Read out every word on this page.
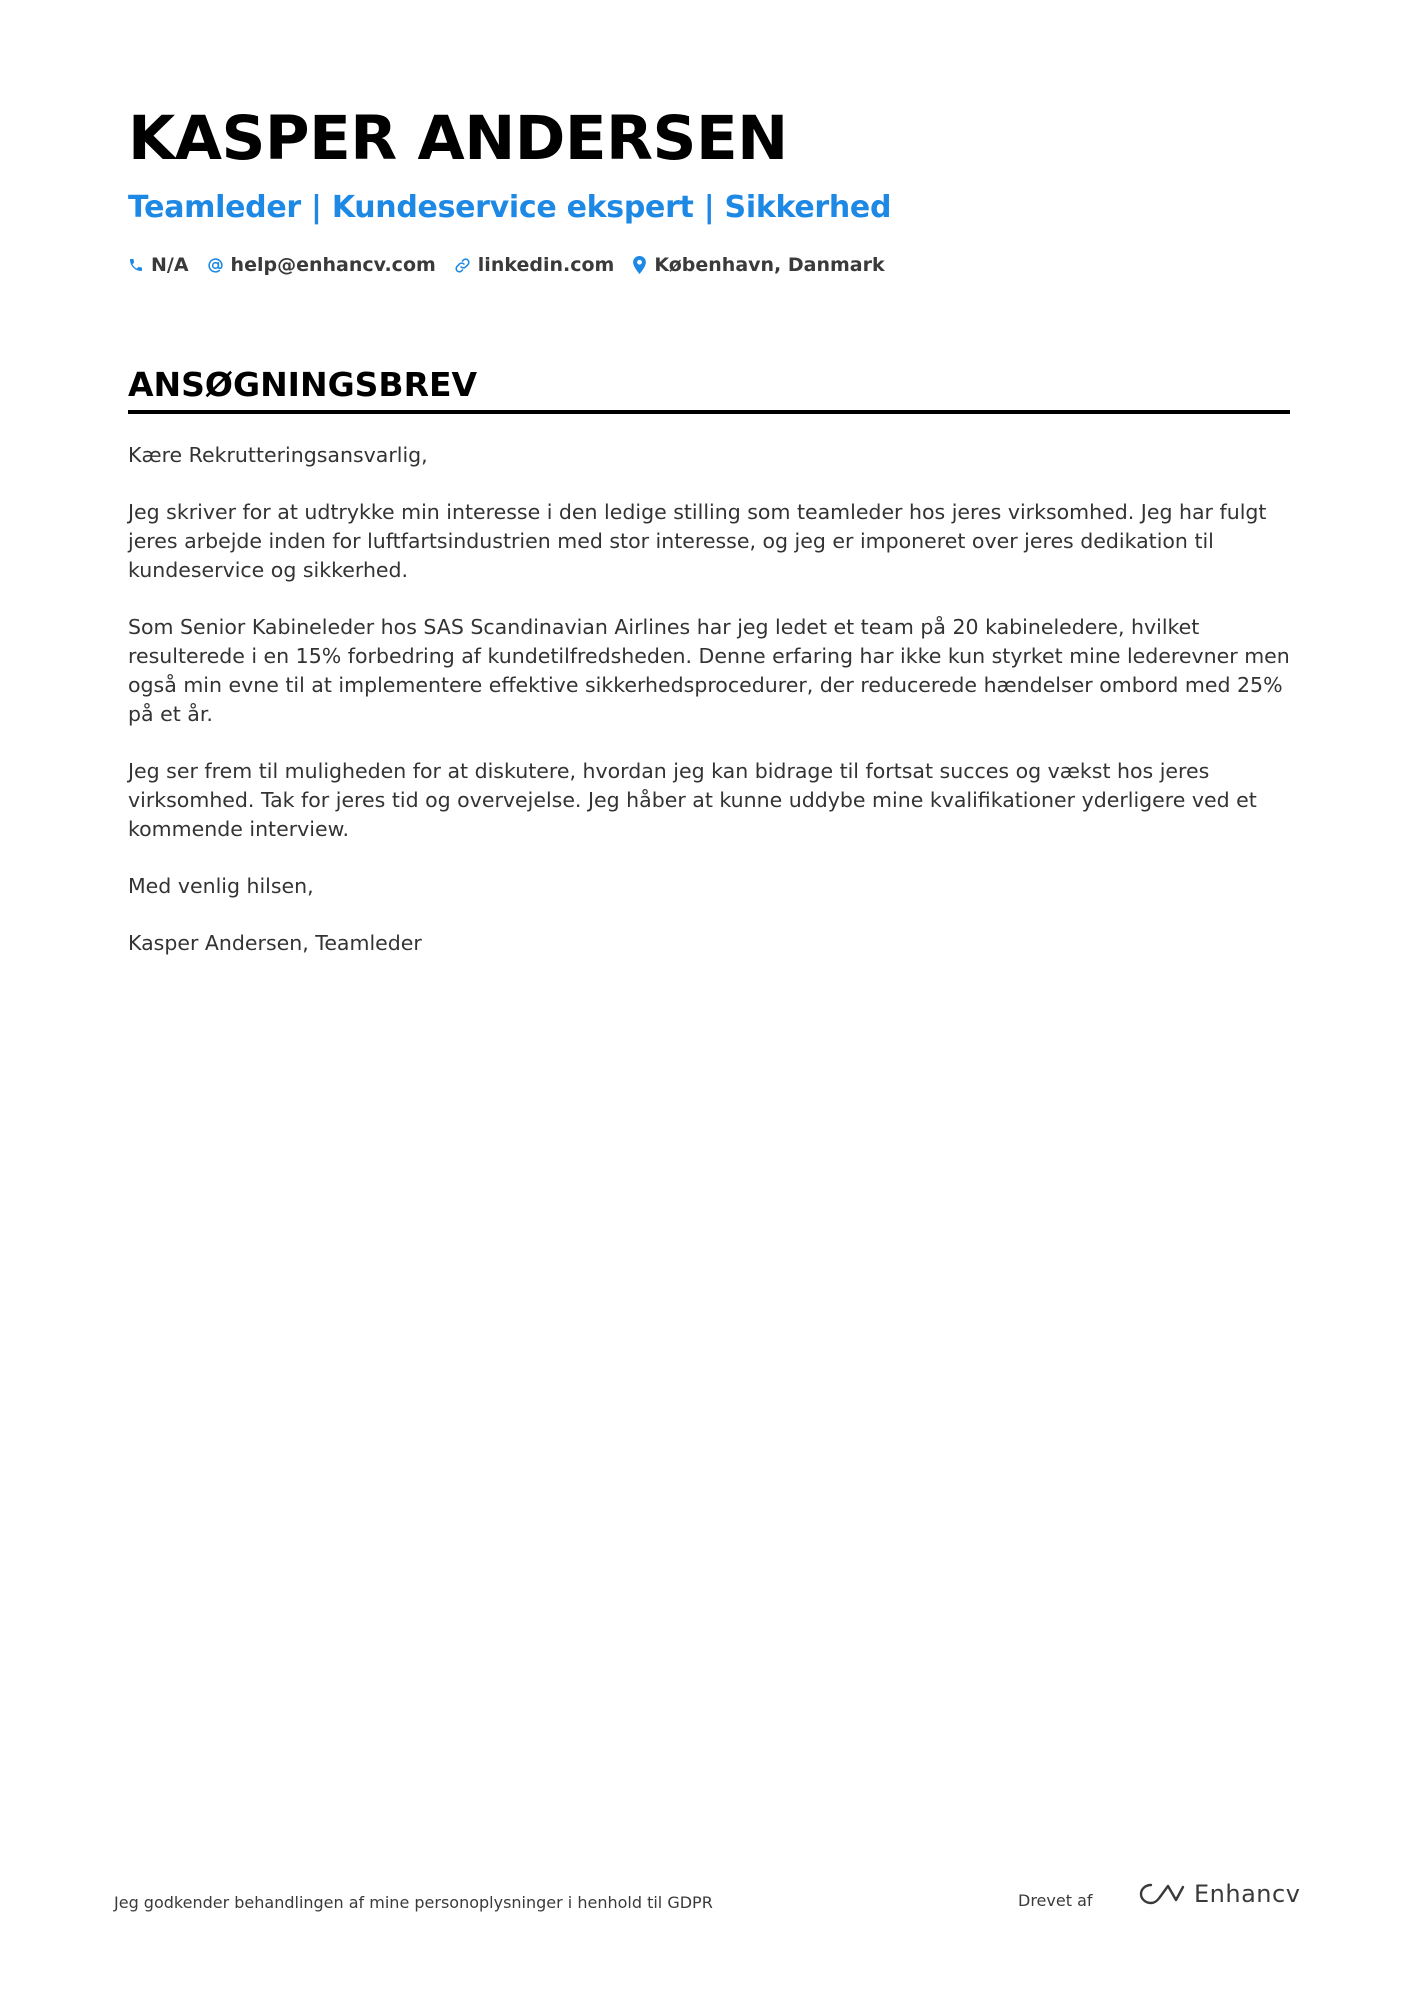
KASPER ANDERSEN
Teamleder | Kundeservice ekspert | Sikkerhed
N/A help@enhancv.com linkedin.com København, Danmark
ANSØGNINGSBREV

Kære Rekrutteringsansvarlig,

Jeg skriver for at udtrykke min interesse i den ledige stilling som teamleder hos jeres virksomhed. Jeg har fulgt jeres arbejde inden for luftfartsindustrien med stor interesse, og jeg er imponeret over jeres dedikation til kundeservice og sikkerhed.

Som Senior Kabineleder hos SAS Scandinavian Airlines har jeg ledet et team på 20 kabineledere, hvilket resulterede i en 15% forbedring af kundetilfredsheden. Denne erfaring har ikke kun styrket mine lederevner men også min evne til at implementere effektive sikkerhedsprocedurer, der reducerede hændelser ombord med 25% på et år.

Jeg ser frem til muligheden for at diskutere, hvordan jeg kan bidrage til fortsat succes og vækst hos jeres virksomhed. Tak for jeres tid og overvejelse. Jeg håber at kunne uddybe mine kvalifikationer yderligere ved et kommende interview.

Med venlig hilsen,

Kasper Andersen, Teamleder

Jeg godkender behandlingen af mine personoplysninger i henhold til GDPR	Drevet af	Enhancv
